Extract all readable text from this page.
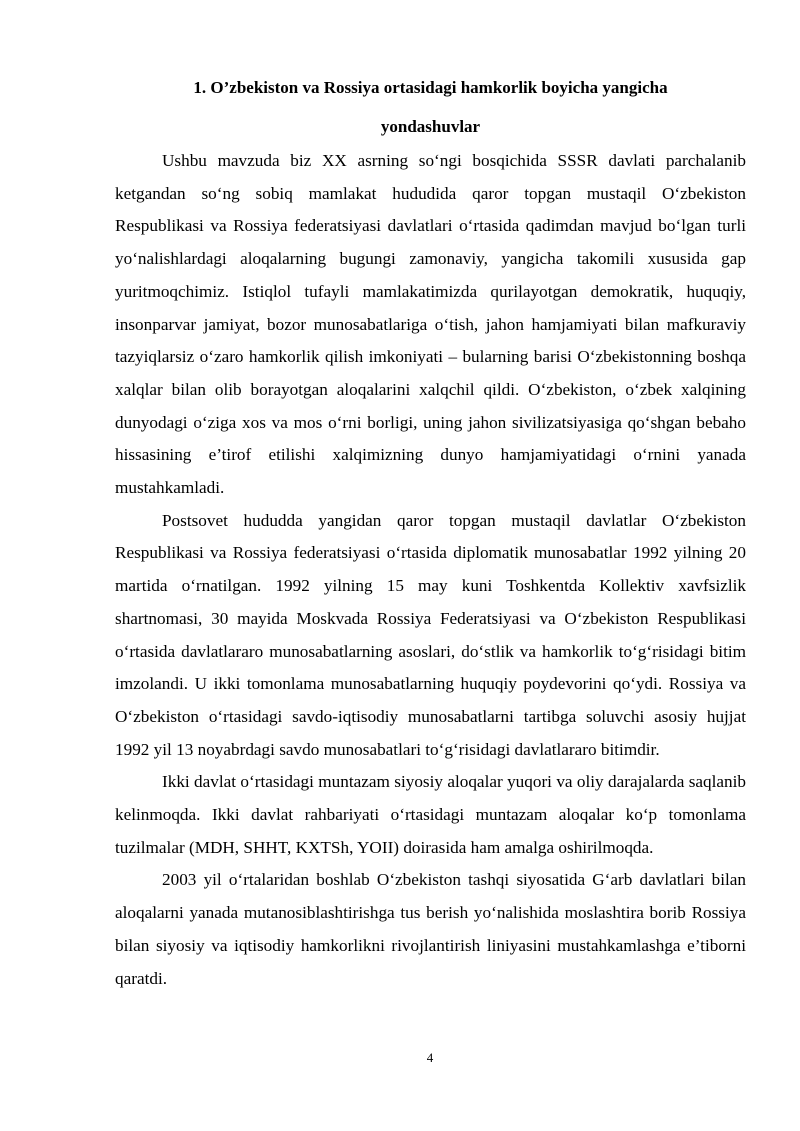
1. O’zbekiston va Rossiya ortasidagi hamkorlik boyicha yangicha
yondashuvlar

Ushbu mavzuda biz XX asrning so‘ngi bosqichida SSSR davlati parchalanib ketgandan so‘ng sobiq mamlakat hududida qaror topgan mustaqil O‘zbekiston Respublikasi va Rossiya federatsiyasi davlatlari o‘rtasida qadimdan mavjud bo‘lgan turli yo‘nalishlardagi aloqalarning bugungi zamonaviy, yangicha takomili xususida gap yuritmoqchimiz. Istiqlol tufayli mamlakatimizda qurilayotgan demokratik, huquqiy, insonparvar jamiyat, bozor munosabatlariga o‘tish, jahon hamjamiyati bilan mafkuraviy tazyiqlarsiz o‘zaro hamkorlik qilish imkoniyati – bularning barisi O‘zbekistonning boshqa xalqlar bilan olib borayotgan aloqalarini xalqchil qildi. O‘zbekiston, o‘zbek xalqining dunyodagi o‘ziga xos va mos o‘rni borligi, uning jahon sivilizatsiyasiga qo‘shgan bebaho hissasining e’tirof etilishi xalqimizning dunyo hamjamiyatidagi o‘rnini yanada mustahkamladi.

Postsovet hududda yangidan qaror topgan mustaqil davlatlar O‘zbekiston Respublikasi va Rossiya federatsiyasi o‘rtasida diplomatik munosabatlar 1992 yilning 20 martida o‘rnatilgan. 1992 yilning 15 may kuni Toshkentda Kollektiv xavfsizlik shartnomasi, 30 mayida Moskvada Rossiya Federatsiyasi va O‘zbekiston Respublikasi o‘rtasida davlatlararo munosabatlarning asoslari, do‘stlik va hamkorlik to‘g‘risidagi bitim imzolandi. U ikki tomonlama munosabatlarning huquqiy poydevorini qo‘ydi. Rossiya va O‘zbekiston o‘rtasidagi savdo-iqtisodiy munosabatlarni tartibga soluvchi asosiy hujjat 1992 yil 13 noyabrdagi savdo munosabatlari to‘g‘risidagi davlatlararo bitimdir.

Ikki davlat o‘rtasidagi muntazam siyosiy aloqalar yuqori va oliy darajalarda saqlanib kelinmoqda. Ikki davlat rahbariyati o‘rtasidagi muntazam aloqalar ko‘p tomonlama tuzilmalar (MDH, SHHT, KXTSh, YOII) doirasida ham amalga oshirilmoqda.

2003 yil o‘rtalaridan boshlab O‘zbekiston tashqi siyosatida G‘arb davlatlari bilan aloqalarni yanada mutanosiblashtirishga tus berish yo‘nalishida moslashtira borib Rossiya bilan siyosiy va iqtisodiy hamkorlikni rivojlantirish liniyasini mustahkamlashga e’tiborni qaratdi.

4
